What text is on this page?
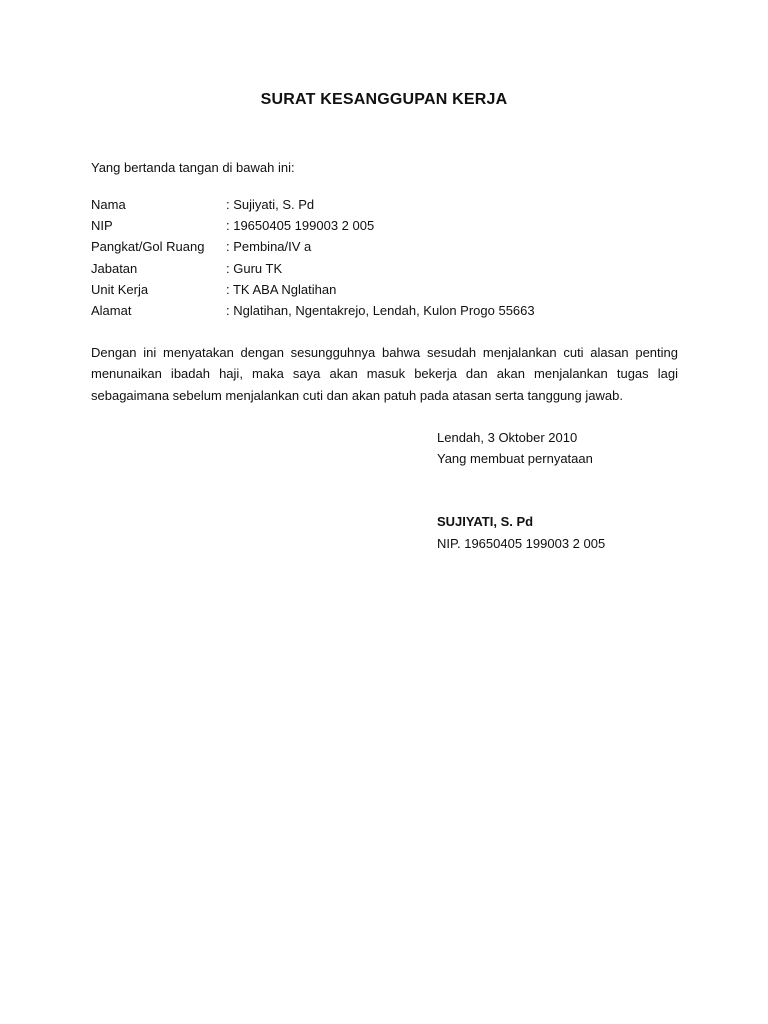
SURAT KESANGGUPAN KERJA
Yang bertanda tangan di bawah ini:
Nama	: Sujiyati, S. Pd
NIP	: 19650405 199003 2 005
Pangkat/Gol Ruang : Pembina/IV a
Jabatan	: Guru TK
Unit Kerja	: TK ABA Nglatihan
Alamat	: Nglatihan, Ngentakrejo, Lendah, Kulon Progo 55663
Dengan ini menyatakan dengan sesungguhnya bahwa sesudah menjalankan cuti alasan penting menunaikan ibadah haji, maka saya akan masuk bekerja dan akan menjalankan tugas lagi sebagaimana sebelum menjalankan cuti dan akan patuh pada atasan serta tanggung jawab.
Lendah, 3 Oktober 2010
Yang membuat pernyataan
SUJIYATI, S. Pd
NIP. 19650405 199003 2 005
